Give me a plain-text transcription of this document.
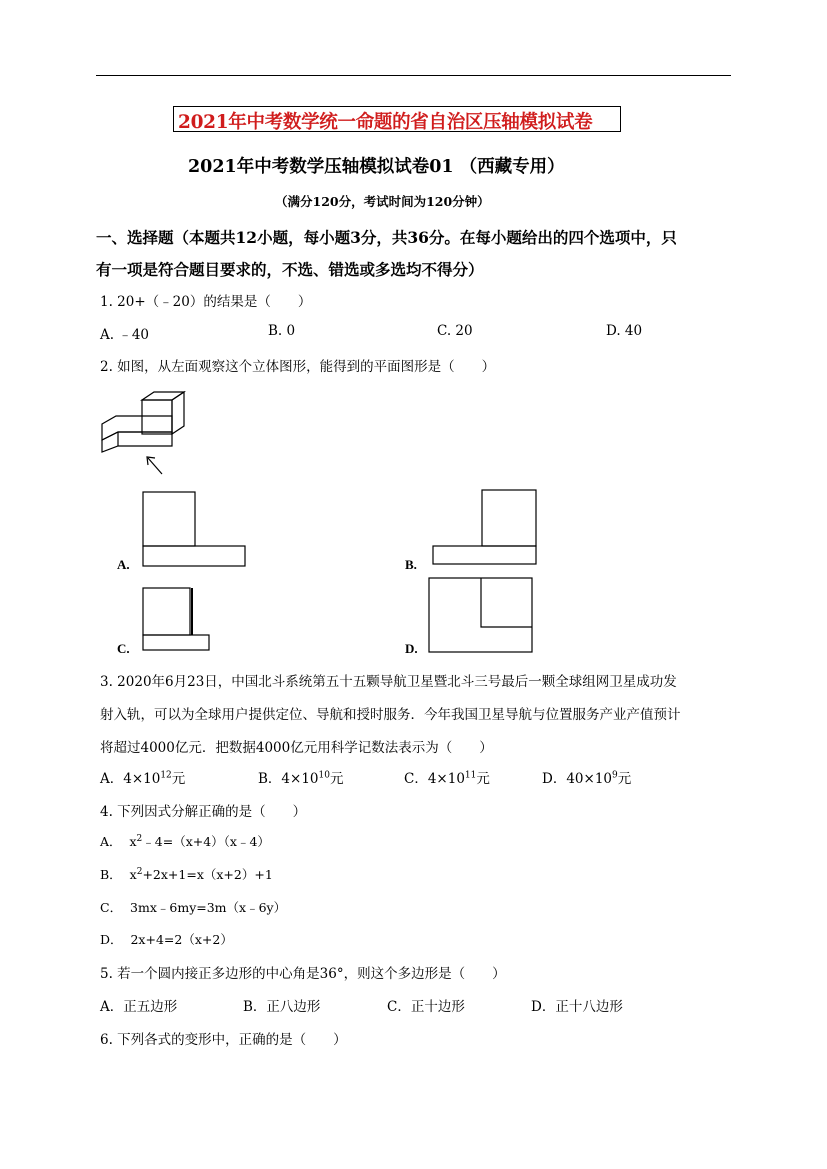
2021年中考数学统一命题的省自治区压轴模拟试卷
2021年中考数学压轴模拟试卷01 （西藏专用）
（满分120分，考试时间为120分钟）
一、选择题（本题共12小题，每小题3分，共36分。在每小题给出的四个选项中，只
有一项是符合题目要求的，不选、错选或多选均不得分）
1. 20+（﹣20）的结果是（　　）
A. ﹣40	B. 0	C. 20	D. 40
2. 如图，从左面观察这个立体图形，能得到的平面图形是（　　）
A.	B.
C.	D.
3. 2020年6月23日，中国北斗系统第五十五颗导航卫星暨北斗三号最后一颗全球组网卫星成功发
射入轨，可以为全球用户提供定位、导航和授时服务．今年我国卫星导航与位置服务产业产值预计
将超过4000亿元．把数据4000亿元用科学记数法表示为（　　）
A．$4\times 10^{12}$元	B．$4\times 10^{10}$元	C．$4\times 10^{11}$元	D．$40\times 10^9$元
4. 下列因式分解正确的是（　　）
A． $x^2﹣4=(x+4)(x﹣4)$
B． $x^2+2x+1=x(x+2)+1$
C． 3mx﹣6my=3m（x﹣6y）
D． 2x+4=2（x+2）
5. 若一个圆内接正多边形的中心角是36°，则这个多边形是（　　）
A．正五边形	B．正八边形	C．正十边形	D．正十八边形
6. 下列各式的变形中，正确的是（　　）
